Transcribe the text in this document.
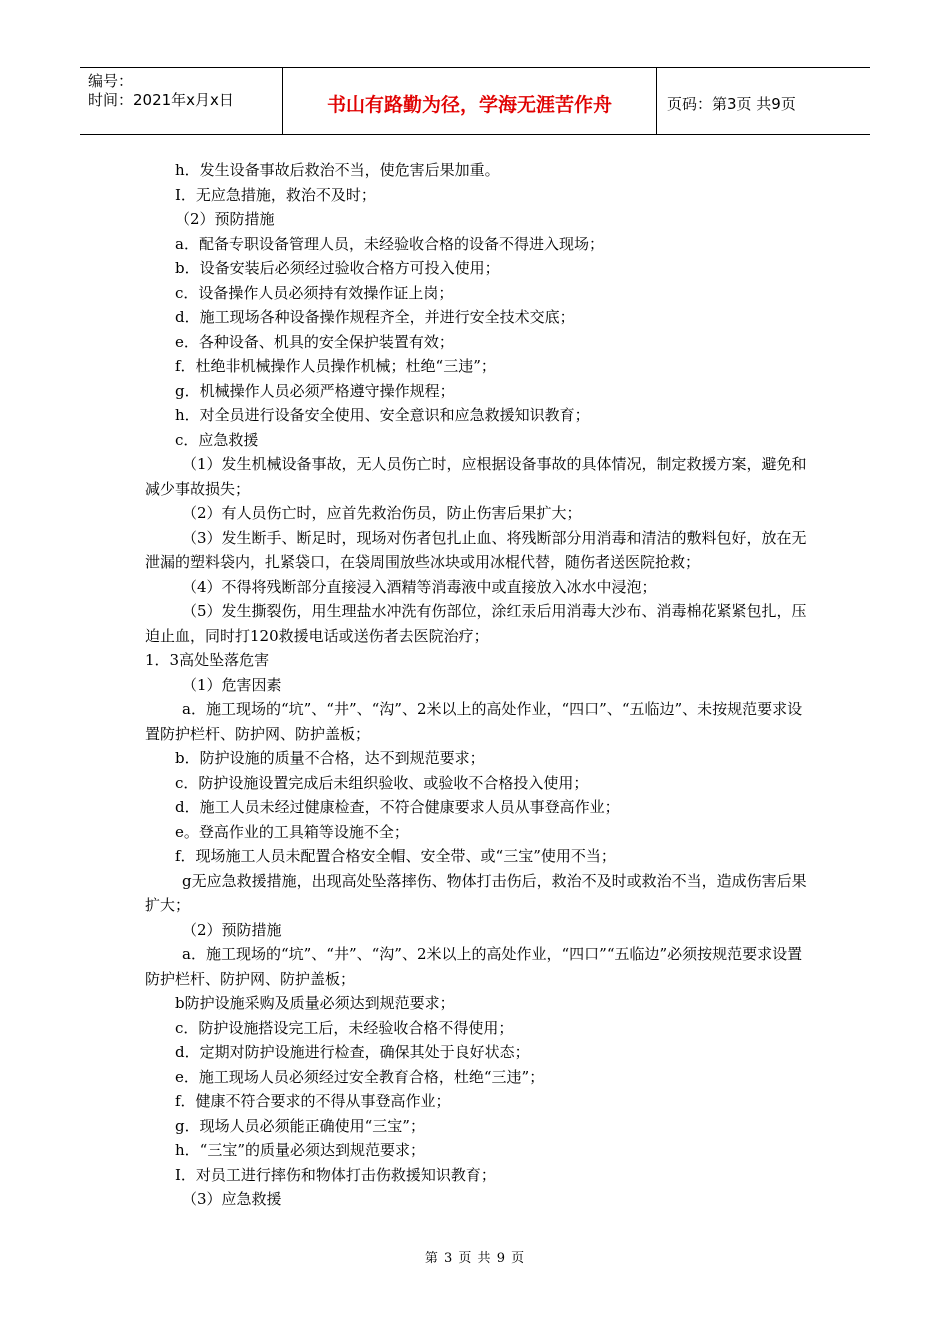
编号：
时间：2021年x月x日	书山有路勤为径，学海无涯苦作舟	页码：第3页 共9页
h．发生设备事故后救治不当，使危害后果加重。
I．无应急措施，救治不及时；
（2）预防措施
a．配备专职设备管理人员，未经验收合格的设备不得进入现场；
b．设备安装后必须经过验收合格方可投入使用；
c．设备操作人员必须持有效操作证上岗；
d．施工现场各种设备操作规程齐全，并进行安全技术交底；
e．各种设备、机具的安全保护装置有效；
f．杜绝非机械操作人员操作机械；杜绝“三违”；
g．机械操作人员必须严格遵守操作规程；
h．对全员进行设备安全使用、安全意识和应急救援知识教育；
c．应急救援
（1）发生机械设备事故，无人员伤亡时，应根据设备事故的具体情况，制定救援方案，避免和减少事故损失；
（2）有人员伤亡时，应首先救治伤员，防止伤害后果扩大；
（3）发生断手、断足时，现场对伤者包扎止血、将残断部分用消毒和清洁的敷料包好，放在无泄漏的塑料袋内，扎紧袋口，在袋周围放些冰块或用冰棍代替，随伤者送医院抢救；
（4）不得将残断部分直接浸入酒精等消毒液中或直接放入冰水中浸泡；
（5）发生撕裂伤，用生理盐水冲洗有伤部位，涂红汞后用消毒大沙布、消毒棉花紧紧包扎，压迫止血，同时打120救援电话或送伤者去医院治疗；
1．3高处坠落危害
（1）危害因素
a．施工现场的“坑”、“井”、“沟”、2米以上的高处作业，“四口”、“五临边”、未按规范要求设置防护栏杆、防护网、防护盖板；
b．防护设施的质量不合格，达不到规范要求；
c．防护设施设置完成后未组织验收、或验收不合格投入使用；
d．施工人员未经过健康检查，不符合健康要求人员从事登高作业；
e。登高作业的工具箱等设施不全；
f．现场施工人员未配置合格安全帽、安全带、或“三宝”使用不当；
g无应急救援措施，出现高处坠落摔伤、物体打击伤后，救治不及时或救治不当，造成伤害后果扩大；
（2）预防措施
a．施工现场的“坑”、“井”、“沟”、2米以上的高处作业，“四口”“五临边”必须按规范要求设置防护栏杆、防护网、防护盖板；
b防护设施采购及质量必须达到规范要求；
c．防护设施搭设完工后，未经验收合格不得使用；
d．定期对防护设施进行检查，确保其处于良好状态；
e．施工现场人员必须经过安全教育合格，杜绝“三违”；
f．健康不符合要求的不得从事登高作业；
g．现场人员必须能正确使用“三宝”；
h．“三宝”的质量必须达到规范要求；
I．对员工进行摔伤和物体打击伤救援知识教育；
（3）应急救援
第 3 页 共 9 页
